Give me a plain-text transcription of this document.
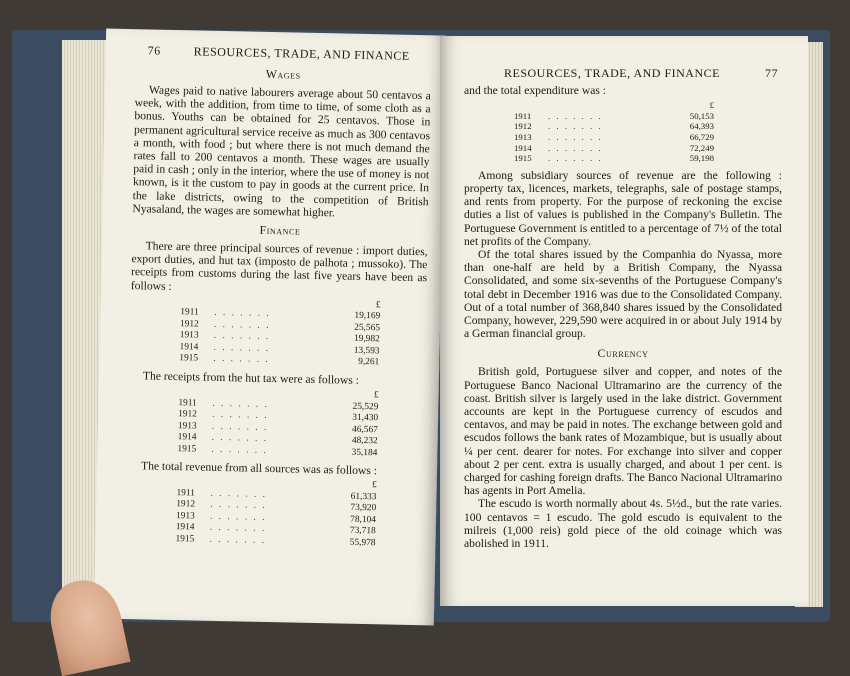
76	RESOURCES, TRADE, AND FINANCE
Wages

Wages paid to native labourers average about 50 centavos a week, with the addition, from time to time, of some cloth as a bonus. Youths can be obtained for 25 centavos. Those in permanent agricultural service receive as much as 300 centavos a month, with food ; but where there is not much demand the rates fall to 200 centavos a month. These wages are usually paid in cash ; only in the interior, where the use of money is not known, is it the custom to pay in goods at the current price. In the lake districts, owing to the competition of British Nyasaland, the wages are somewhat higher.

Finance

There are three principal sources of revenue : import duties, export duties, and hut tax (imposto de palhota ; mussoko). The receipts from customs during the last five years have been as follows :

£
1911	. . . . . . .	19,169
1912	. . . . . . .	25,565
1913	. . . . . . .	19,982
1914	. . . . . . .	13,593
1915	. . . . . . .	9,261
The receipts from the hut tax were as follows :
£
1911	. . . . . . .	25,529
1912	. . . . . . .	31,430
1913	. . . . . . .	46,567
1914	. . . . . . .	48,232
1915	. . . . . . .	35,184
The total revenue from all sources was as follows :
£
1911	. . . . . . .	61,333
1912	. . . . . . .	73,920
1913	. . . . . . .	78,104
1914	. . . . . . .	73,718
1915	. . . . . . .	55,978
RESOURCES, TRADE, AND FINANCE	77
and the total expenditure was :
£
1911	. . . . . . .	50,153
1912	. . . . . . .	64,393
1913	. . . . . . .	66,729
1914	. . . . . . .	72,249
1915	. . . . . . .	59,198

Among subsidiary sources of revenue are the following : property tax, licences, markets, telegraphs, sale of postage stamps, and rents from property. For the purpose of reckoning the excise duties a list of values is published in the Company's Bulletin. The Portuguese Government is entitled to a percentage of 7½ of the total net profits of the Company.

Of the total shares issued by the Companhia do Nyassa, more than one-half are held by a British Company, the Nyassa Consolidated, and some six-sevenths of the Portuguese Company's total debt in December 1916 was due to the Consolidated Company. Out of a total number of 368,840 shares issued by the Consolidated Company, however, 229,590 were acquired in or about July 1914 by a German financial group.

Currency

British gold, Portuguese silver and copper, and notes of the Portuguese Banco Nacional Ultramarino are the currency of the coast. British silver is largely used in the lake district. Government accounts are kept in the Portuguese currency of escudos and centavos, and may be paid in notes. The exchange between gold and escudos follows the bank rates of Mozambique, but is usually about ¼ per cent. dearer for notes. For exchange into silver and copper about 2 per cent. extra is usually charged, and about 1 per cent. is charged for cashing foreign drafts. The Banco Nacional Ultramarino has agents in Port Amelia.

The escudo is worth normally about 4s. 5½d., but the rate varies. 100 centavos = 1 escudo. The gold escudo is equivalent to the milreis (1,000 reis) gold piece of the old coinage which was abolished in 1911.
